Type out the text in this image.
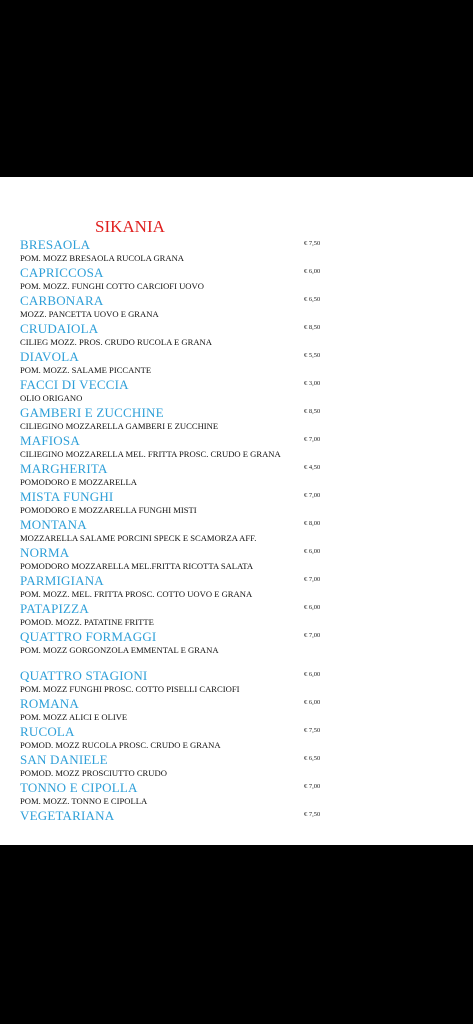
SIKANIA
BRESAOLA	€ 7,50
POM. MOZZ BRESAOLA RUCOLA GRANA
CAPRICCOSA	€ 6,00
POM. MOZZ. FUNGHI COTTO CARCIOFI UOVO
CARBONARA	€ 6,50
MOZZ. PANCETTA UOVO E GRANA
CRUDAIOLA	€ 8,50
CILIEG MOZZ. PROS. CRUDO RUCOLA E GRANA
DIAVOLA	€ 5,50
POM. MOZZ. SALAME PICCANTE
FACCI DI VECCIA	€ 3,00
OLIO ORIGANO
GAMBERI E ZUCCHINE	€ 8,50
CILIEGINO MOZZARELLA GAMBERI E ZUCCHINE
MAFIOSA	€ 7,00
CILIEGINO MOZZARELLA MEL. FRITTA PROSC. CRUDO E GRANA
MARGHERITA	€ 4,50
POMODORO E MOZZARELLA
MISTA FUNGHI	€ 7,00
POMODORO E MOZZARELLA FUNGHI MISTI
MONTANA	€ 8,00
MOZZARELLA SALAME PORCINI SPECK E SCAMORZA AFF.
NORMA	€ 6,00
POMODORO MOZZARELLA MEL.FRITTA RICOTTA SALATA
PARMIGIANA	€ 7,00
POM. MOZZ. MEL. FRITTA PROSC. COTTO UOVO E GRANA
PATAPIZZA	€ 6,00
POMOD. MOZZ. PATATINE FRITTE
QUATTRO FORMAGGI	€ 7,00
POM. MOZZ GORGONZOLA EMMENTAL E GRANA
QUATTRO STAGIONI	€ 6,00
POM. MOZZ FUNGHI PROSC. COTTO PISELLI CARCIOFI
ROMANA	€ 6,00
POM. MOZZ ALICI E OLIVE
RUCOLA	€ 7,50
POMOD. MOZZ RUCOLA PROSC. CRUDO E GRANA
SAN DANIELE	€ 6,50
POMOD. MOZZ PROSCIUTTO CRUDO
TONNO E CIPOLLA	€ 7,00
POM. MOZZ. TONNO E CIPOLLA
VEGETARIANA	€ 7,50
